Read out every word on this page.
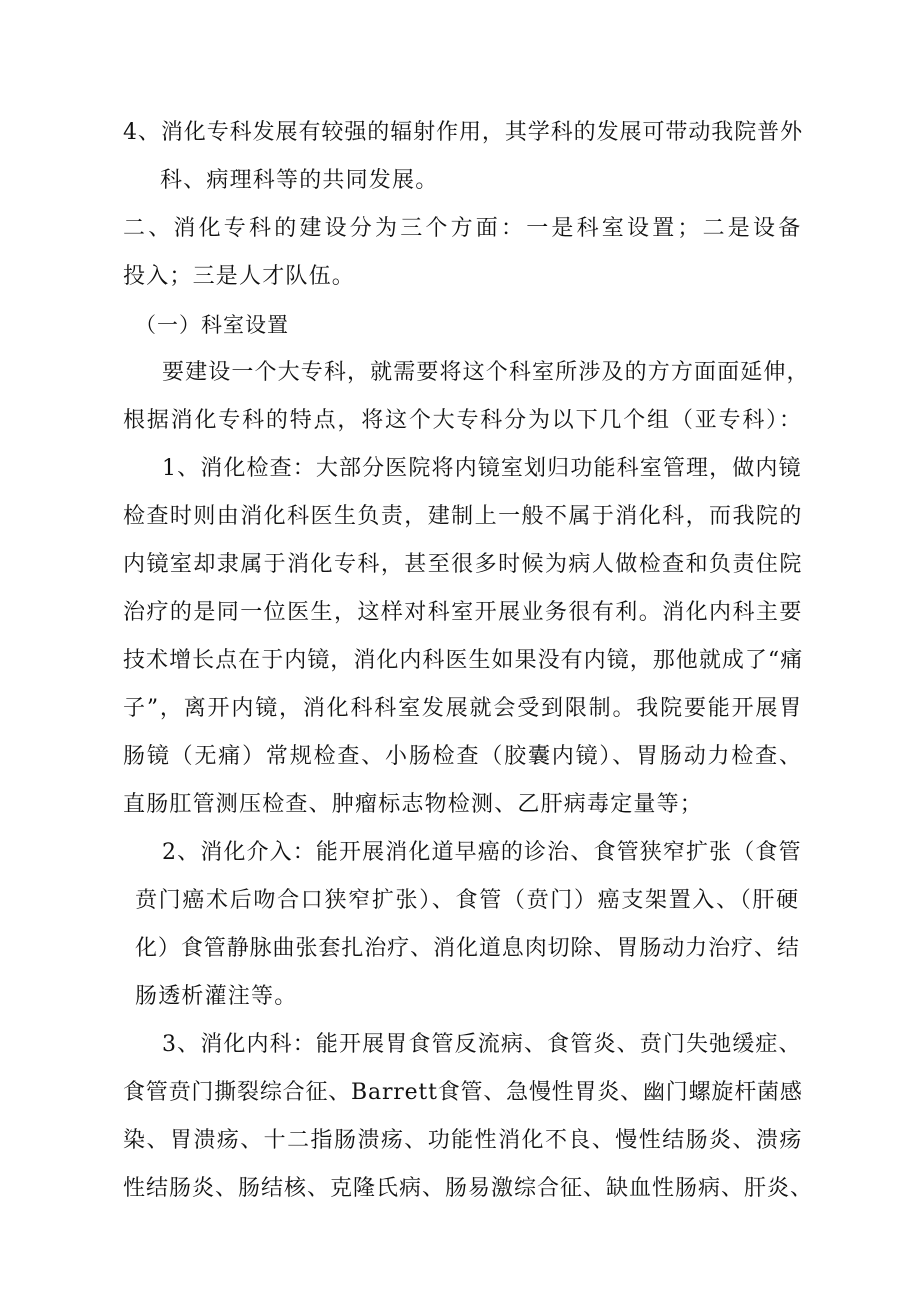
4、消化专科发展有较强的辐射作用，其学科的发展可带动我院普外
科、病理科等的共同发展。
二、消化专科的建设分为三个方面：一是科室设置；二是设备
投入；三是人才队伍。
（一）科室设置
要建设一个大专科，就需要将这个科室所涉及的方方面面延伸，
根据消化专科的特点，将这个大专科分为以下几个组（亚专科）：
1、消化检查：大部分医院将内镜室划归功能科室管理，做内镜
检查时则由消化科医生负责，建制上一般不属于消化科，而我院的
内镜室却隶属于消化专科，甚至很多时候为病人做检查和负责住院
治疗的是同一位医生，这样对科室开展业务很有利。消化内科主要
技术增长点在于内镜，消化内科医生如果没有内镜，那他就成了“痛
子”，离开内镜，消化科科室发展就会受到限制。我院要能开展胃
肠镜（无痛）常规检查、小肠检查（胶囊内镜）、胃肠动力检查、
直肠肛管测压检查、肿瘤标志物检测、乙肝病毒定量等；
2、消化介入：能开展消化道早癌的诊治、食管狭窄扩张（食管
贲门癌术后吻合口狭窄扩张）、食管（贲门）癌支架置入、（肝硬
化）食管静脉曲张套扎治疗、消化道息肉切除、胃肠动力治疗、结
肠透析灌注等。
3、消化内科：能开展胃食管反流病、食管炎、贲门失弛缓症、
食管贲门撕裂综合征、Barrett食管、急慢性胃炎、幽门螺旋杆菌感
染、胃溃疡、十二指肠溃疡、功能性消化不良、慢性结肠炎、溃疡
性结肠炎、肠结核、克隆氏病、肠易激综合征、缺血性肠病、肝炎、
